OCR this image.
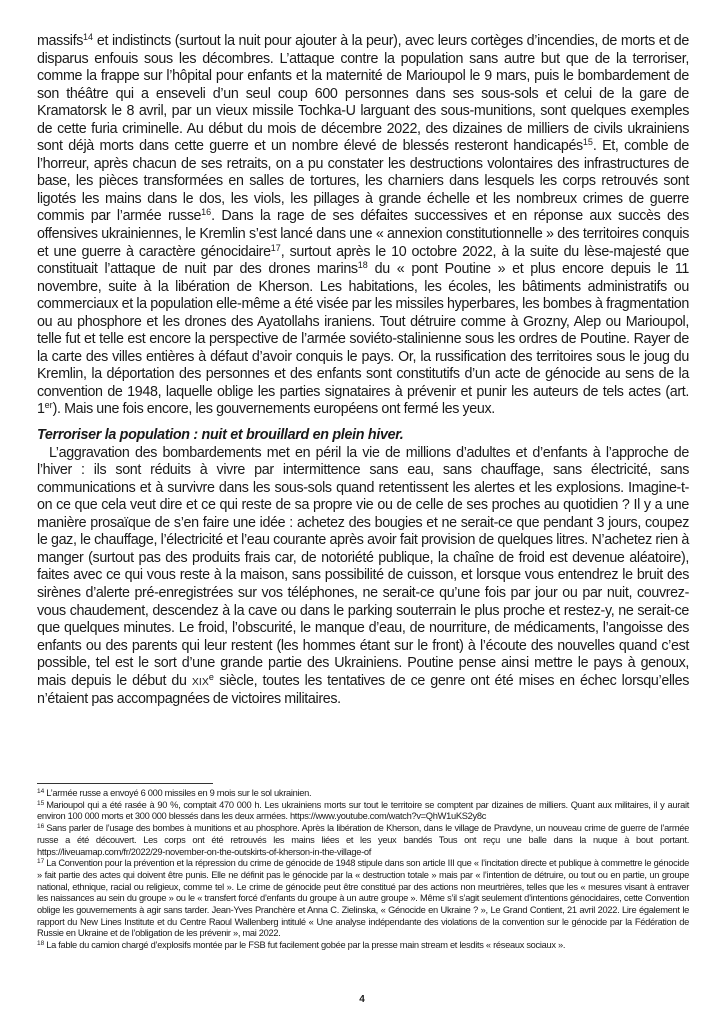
massifs$^{14}$ et indistincts (surtout la nuit pour ajouter à la peur), avec leurs cortèges d’incendies, de morts et de disparus enfouis sous les décombres. L’attaque contre la population sans autre but que de la terroriser, comme la frappe sur l’hôpital pour enfants et la maternité de Marioupol le 9 mars, puis le bombardement de son théâtre qui a enseveli d’un seul coup 600 personnes dans ses sous-sols et celui de la gare de Kramatorsk le 8 avril, par un vieux missile Tochka-U larguant des sous-munitions, sont quelques exemples de cette furia criminelle. Au début du mois de décembre 2022, des dizaines de milliers de civils ukrainiens sont déjà morts dans cette guerre et un nombre élevé de blessés resteront handicapés$^{15}$. Et, comble de l’horreur, après chacun de ses retraits, on a pu constater les destructions volontaires des infrastructures de base, les pièces transformées en salles de tortures, les charniers dans lesquels les corps retrouvés sont ligotés les mains dans le dos, les viols, les pillages à grande échelle et les nombreux crimes de guerre commis par l’armée russe$^{16}$. Dans la rage de ses défaites successives et en réponse aux succès des offensives ukrainiennes, le Kremlin s’est lancé dans une « annexion constitutionnelle » des territoires conquis et une guerre à caractère génocidaire$^{17}$, surtout après le 10 octobre 2022, à la suite du lèse-majesté que constituait l’attaque de nuit par des drones marins$^{18}$ du « pont Poutine » et plus encore depuis le 11 novembre, suite à la libération de Kherson. Les habitations, les écoles, les bâtiments administratifs ou commerciaux et la population elle-même a été visée par les missiles hyperbares, les bombes à fragmentation ou au phosphore et les drones des Ayatollahs iraniens. Tout détruire comme à Grozny, Alep ou Marioupol, telle fut et telle est encore la perspective de l’armée soviéto-stalinienne sous les ordres de Poutine. Rayer de la carte des villes entières à défaut d’avoir conquis le pays. Or, la russification des territoires sous le joug du Kremlin, la déportation des personnes et des enfants sont constitutifs d’un acte de génocide au sens de la convention de 1948, laquelle oblige les parties signataires à prévenir et punir les auteurs de tels actes (art. 1er). Mais une fois encore, les gouvernements européens ont fermé les yeux.

Terroriser la population : nuit et brouillard en plein hiver.

L’aggravation des bombardements met en péril la vie de millions d’adultes et d’enfants à l’approche de l’hiver : ils sont réduits à vivre par intermittence sans eau, sans chauffage, sans électricité, sans communications et à survivre dans les sous-sols quand retentissent les alertes et les explosions. Imagine-t-on ce que cela veut dire et ce qui reste de sa propre vie ou de celle de ses proches au quotidien ? Il y a une manière prosaïque de s’en faire une idée : achetez des bougies et ne serait-ce que pendant 3 jours, coupez le gaz, le chauffage, l’électricité et l’eau courante après avoir fait provision de quelques litres. N’achetez rien à manger (surtout pas des produits frais car, de notoriété publique, la chaîne de froid est devenue aléatoire), faites avec ce qui vous reste à la maison, sans possibilité de cuisson, et lorsque vous entendrez le bruit des sirènes d’alerte pré-enregistrées sur vos téléphones, ne serait-ce qu’une fois par jour ou par nuit, couvrez-vous chaudement, descendez à la cave ou dans le parking souterrain le plus proche et restez-y, ne serait-ce que quelques minutes. Le froid, l’obscurité, le manque d’eau, de nourriture, de médicaments, l’angoisse des enfants ou des parents qui leur restent (les hommes étant sur le front) à l’écoute des nouvelles quand c’est possible, tel est le sort d’une grande partie des Ukrainiens. Poutine pense ainsi mettre le pays à genoux, mais depuis le début du XIXe siècle, toutes les tentatives de ce genre ont été mises en échec lorsqu’elles n’étaient pas accompagnées de victoires militaires.

$^{14}$ L’armée russe a envoyé 6 000 missiles en 9 mois sur le sol ukrainien.

$^{15}$ Marioupol qui a été rasée à 90 %, comptait 470 000 h. Les ukrainiens morts sur tout le territoire se comptent par dizaines de milliers. Quant aux militaires, il y aurait environ 100 000 morts et 300 000 blessés dans les deux armées. https://www.youtube.com/watch?v=QhW1uKS2y8c

$^{16}$ Sans parler de l’usage des bombes à munitions et au phosphore. Après la libération de Kherson, dans le village de Pravdyne, un nouveau crime de guerre de l’armée russe a été découvert. Les corps ont été retrouvés les mains liées et les yeux bandés Tous ont reçu une balle dans la nuque à bout portant. https://liveuamap.com/fr/2022/29-november-on-the-outskirts-of-kherson-in-the-village-of

$^{17}$ La Convention pour la prévention et la répression du crime de génocide de 1948 stipule dans son article III que « l’incitation directe et publique à commettre le génocide » fait partie des actes qui doivent être punis. Elle ne définit pas le génocide par la « destruction totale » mais par « l’intention de détruire, ou tout ou en partie, un groupe national, ethnique, racial ou religieux, comme tel ». Le crime de génocide peut être constitué par des actions non meurtrières, telles que les « mesures visant à entraver les naissances au sein du groupe » ou le « transfert forcé d’enfants du groupe à un autre groupe ». Même s’il s’agit seulement d’intentions génocidaires, cette Convention oblige les gouvernements à agir sans tarder. Jean-Yves Pranchère et Anna C. Zielinska, « Génocide en Ukraine ? », Le Grand Contient, 21 avril 2022. Lire également le rapport du New Lines Institute et du Centre Raoul Wallenberg intitulé « Une analyse indépendante des violations de la convention sur le génocide par la Fédération de Russie en Ukraine et de l’obligation de les prévenir », mai 2022.

$^{18}$ La fable du camion chargé d’explosifs montée par le FSB fut facilement gobée par la presse main stream et lesdits « réseaux sociaux ».

4
